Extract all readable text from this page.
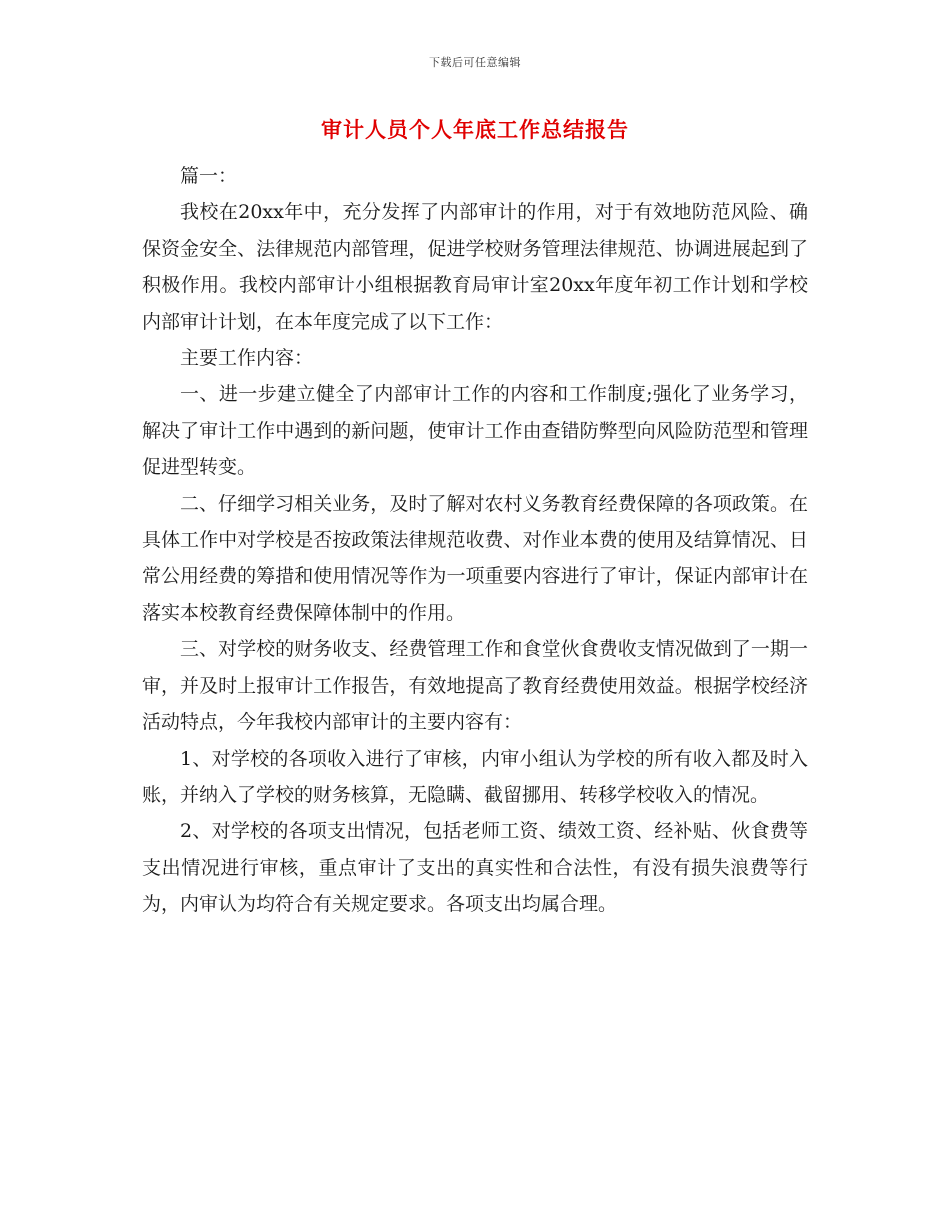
下载后可任意编辑
审计人员个人年底工作总结报告

篇一：

我校在20xx年中，充分发挥了内部审计的作用，对于有效地防范风险、确保资金安全、法律规范内部管理，促进学校财务管理法律规范、协调进展起到了积极作用。我校内部审计小组根据教育局审计室20xx年度年初工作计划和学校内部审计计划，在本年度完成了以下工作：

主要工作内容：

一、进一步建立健全了内部审计工作的内容和工作制度;强化了业务学习，解决了审计工作中遇到的新问题，使审计工作由查错防弊型向风险防范型和管理促进型转变。

二、仔细学习相关业务，及时了解对农村义务教育经费保障的各项政策。在具体工作中对学校是否按政策法律规范收费、对作业本费的使用及结算情况、日常公用经费的筹措和使用情况等作为一项重要内容进行了审计，保证内部审计在落实本校教育经费保障体制中的作用。

三、对学校的财务收支、经费管理工作和食堂伙食费收支情况做到了一期一审，并及时上报审计工作报告，有效地提高了教育经费使用效益。根据学校经济活动特点，今年我校内部审计的主要内容有：

1、对学校的各项收入进行了审核，内审小组认为学校的所有收入都及时入账，并纳入了学校的财务核算，无隐瞒、截留挪用、转移学校收入的情况。

2、对学校的各项支出情况，包括老师工资、绩效工资、经补贴、伙食费等支出情况进行审核，重点审计了支出的真实性和合法性，有没有损失浪费等行为，内审认为均符合有关规定要求。各项支出均属合理。
